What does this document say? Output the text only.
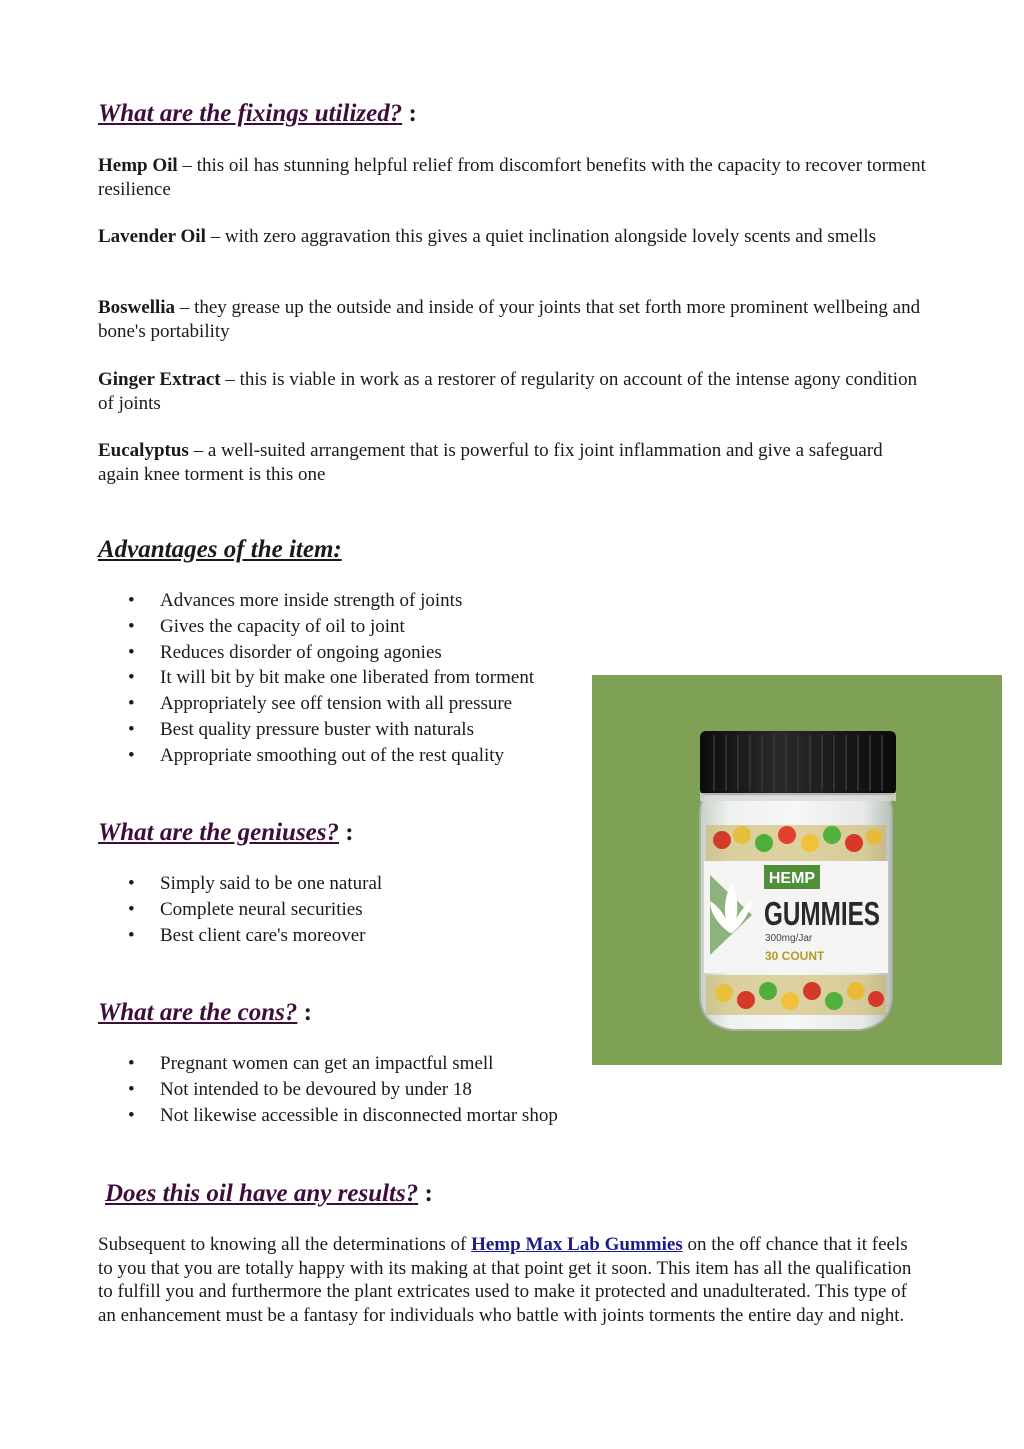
What are the fixings utilized? :

Hemp Oil – this oil has stunning helpful relief from discomfort benefits with the capacity to recover torment resilience

Lavender Oil – with zero aggravation this gives a quiet inclination alongside lovely scents and smells

Boswellia – they grease up the outside and inside of your joints that set forth more prominent wellbeing and bone's portability

Ginger Extract – this is viable in work as a restorer of regularity on account of the intense agony condition of joints

Eucalyptus – a well-suited arrangement that is powerful to fix joint inflammation and give a safeguard again knee torment is this one

Advantages of the item:
• Advances more inside strength of joints
• Gives the capacity of oil to joint
• Reduces disorder of ongoing agonies
• It will bit by bit make one liberated from torment
• Appropriately see off tension with all pressure
• Best quality pressure buster with naturals
• Appropriate smoothing out of the rest quality
What are the geniuses? :
• Simply said to be one natural
• Complete neural securities
• Best client care's moreover
What are the cons? :
• Pregnant women can get an impactful smell
• Not intended to be devoured by under 18
• Not likewise accessible in disconnected mortar shop
Does this oil have any results? :

Subsequent to knowing all the determinations of Hemp Max Lab Gummies on the off chance that it feels to you that you are totally happy with its making at that point get it soon. This item has all the qualification to fulfill you and furthermore the plant extricates used to make it protected and unadulterated. This type of an enhancement must be a fantasy for individuals who battle with joints torments the entire day and night.

HEMP
GUMMIES
300mg/Jar
30 COUNT
